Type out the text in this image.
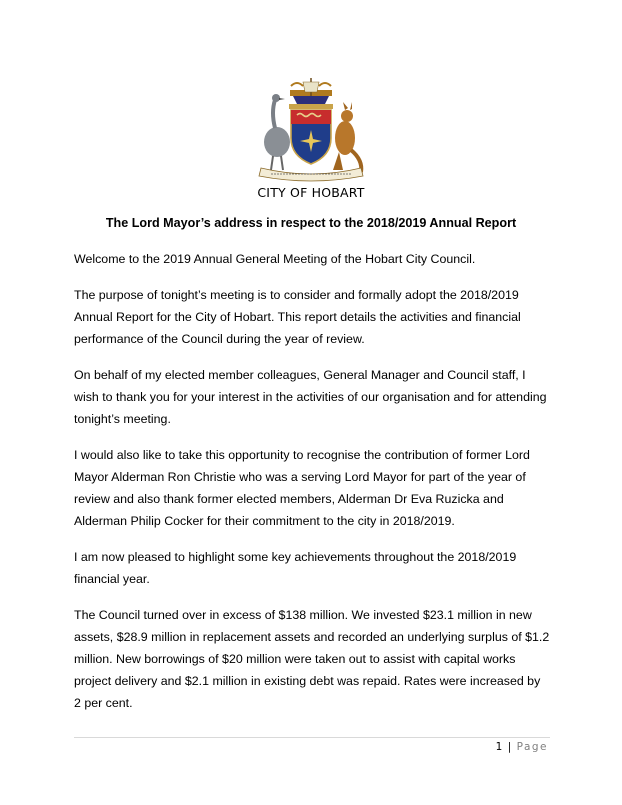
CITY OF HOBART
The Lord Mayor’s address in respect to the 2018/2019 Annual Report

Welcome to the 2019 Annual General Meeting of the Hobart City Council.

The purpose of tonight’s meeting is to consider and formally adopt the 2018/2019 Annual Report for the City of Hobart. This report details the activities and financial performance of the Council during the year of review.

On behalf of my elected member colleagues, General Manager and Council staff, I wish to thank you for your interest in the activities of our organisation and for attending tonight’s meeting.

I would also like to take this opportunity to recognise the contribution of former Lord Mayor Alderman Ron Christie who was a serving Lord Mayor for part of the year of review and also thank former elected members, Alderman Dr Eva Ruzicka and Alderman Philip Cocker for their commitment to the city in 2018/2019.

I am now pleased to highlight some key achievements throughout the 2018/2019 financial year.

The Council turned over in excess of $138 million. We invested $23.1 million in new assets, $28.9 million in replacement assets and recorded an underlying surplus of $1.2 million. New borrowings of $20 million were taken out to assist with capital works project delivery and $2.1 million in existing debt was repaid. Rates were increased by 2 per cent.

1 | Page
